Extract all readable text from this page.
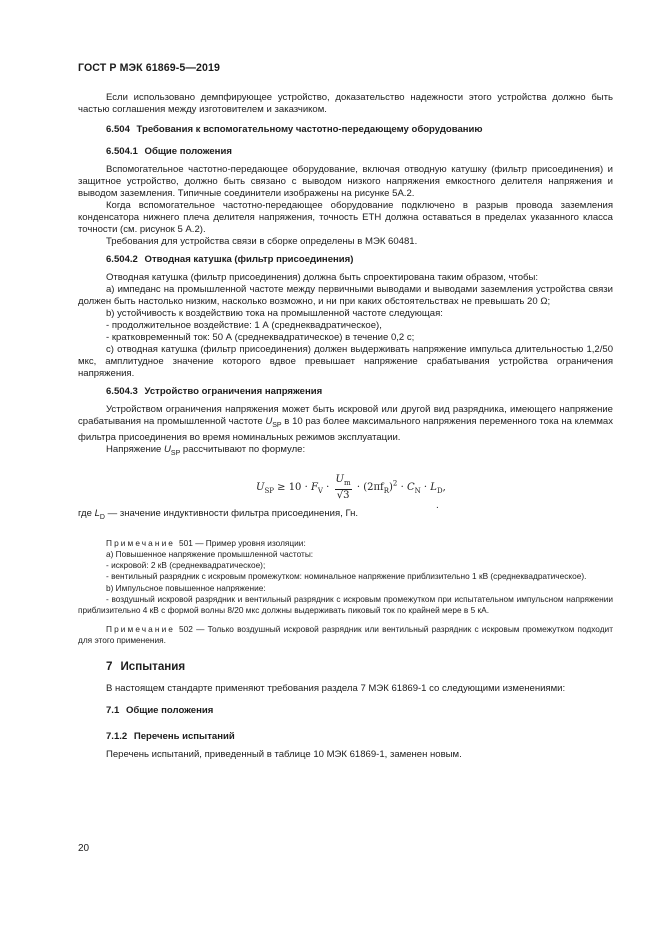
ГОСТ Р МЭК 61869-5—2019

Если использовано демпфирующее устройство, доказательство надежности этого устройства должно быть частью соглашения между изготовителем и заказчиком.

6.504 Требования к вспомогательному частотно-передающему оборудованию

6.504.1 Общие положения

Вспомогательное частотно-передающее оборудование, включая отводную катушку (фильтр присоединения) и защитное устройство, должно быть связано с выводом низкого напряжения емкостного делителя напряжения и выводом заземления. Типичные соединители изображены на рисунке 5А.2.

Когда вспомогательное частотно-передающее оборудование подключено в разрыв провода заземления конденсатора нижнего плеча делителя напряжения, точность ЕТН должна оставаться в пределах указанного класса точности (см. рисунок 5 А.2).

Требования для устройства связи в сборке определены в МЭК 60481.

6.504.2 Отводная катушка (фильтр присоединения)

Отводная катушка (фильтр присоединения) должна быть спроектирована таким образом, чтобы:

а) импеданс на промышленной частоте между первичными выводами и выводами заземления устройства связи должен быть настолько низким, насколько возможно, и ни при каких обстоятельствах не превышать 20 Ω;

b) устойчивость к воздействию тока на промышленной частоте следующая:

- продолжительное воздействие: 1 А (среднеквадратическое),

- кратковременный ток: 50 А (среднеквадратическое) в течение 0,2 с;

с) отводная катушка (фильтр присоединения) должен выдерживать напряжение импульса длительностью 1,2/50 мкс, амплитудное значение которого вдвое превышает напряжение срабатывания устройства ограничения напряжения.

6.504.3 Устройство ограничения напряжения

Устройством ограничения напряжения может быть искровой или другой вид разрядника, имеющего напряжение срабатывания на промышленной частоте $U_{SP}$ в 10 раз более максимального напряжения переменного тока на клеммах фильтра присоединения во время номинальных режимов эксплуатации.

Напряжение $U_{SP}$ рассчитывают по формуле:

$U_{SP} \ge 10 \cdot F_V \cdot \frac{U_m}{√3} \cdot (2\pi f_R)^2 \cdot C_N \cdot L_D$,
.

где $L_D$ — значение индуктивности фильтра присоединения, Гн.

Примечание 501 — Пример уровня изоляции:

а) Повышенное напряжение промышленной частоты:

- искровой: 2 кВ (среднеквадратическое);

- вентильный разрядник с искровым промежутком: номинальное напряжение приблизительно 1 кВ (среднеквадратическое).

b) Импульсное повышенное напряжение:

- воздушный искровой разрядник и вентильный разрядник с искровым промежутком при испытательном импульсном напряжении приблизительно 4 кВ с формой волны 8/20 мкс должны выдерживать пиковый ток по крайней мере в 5 кА.

Примечание 502 — Только воздушный искровой разрядник или вентильный разрядник с искровым промежутком подходит для этого применения.

7 Испытания

В настоящем стандарте применяют требования раздела 7 МЭК 61869-1 со следующими изменениями:

7.1 Общие положения

7.1.2 Перечень испытаний

Перечень испытаний, приведенный в таблице 10 МЭК 61869-1, заменен новым.

20
